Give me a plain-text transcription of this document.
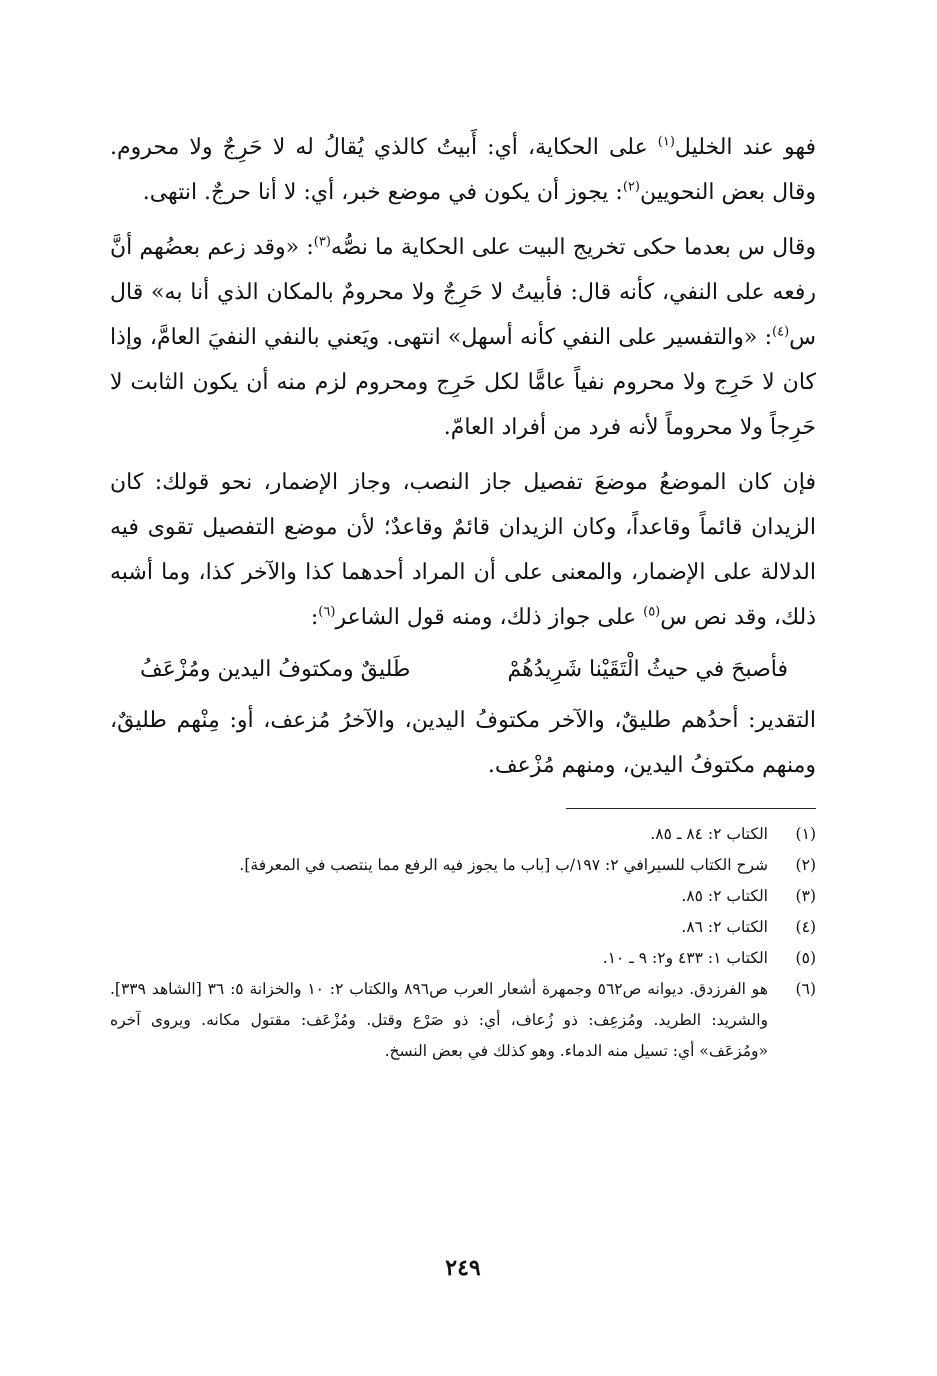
فهو عند الخليل$^{(١)}$ على الحكاية، أي: أَبيتُ كالذي يُقالُ له لا حَرِجٌ ولا محروم. وقال بعض النحويين$^{(٢)}$: يجوز أن يكون في موضع خبر، أي: لا أنا حرجٌ. انتهى.

وقال س بعدما حكى تخريج البيت على الحكاية ما نصُّه$^{(٣)}$: «وقد زعم بعضُهم أنَّ رفعه على النفي، كأنه قال: فأبيتُ لا حَرِجٌ ولا محرومٌ بالمكان الذي أنا به» قال س$^{(٤)}$: «والتفسير على النفي كأنه أسهل» انتهى. ويَعني بالنفي النفيَ العامَّ، وإذا كان لا حَرِج ولا محروم نفياً عامًّا لكل حَرِج ومحروم لزم منه أن يكون الثابت لا حَرِجاً ولا محروماً لأنه فرد من أفراد العامّ.

فإن كان الموضعُ موضعَ تفصيل جاز النصب، وجاز الإضمار، نحو قولك: كان الزيدان قائماً وقاعداً، وكان الزيدان قائمٌ وقاعدٌ؛ لأن موضع التفصيل تقوى فيه الدلالة على الإضمار، والمعنى على أن المراد أحدهما كذا والآخر كذا، وما أشبه ذلك، وقد نص س$^{(٥)}$ على جواز ذلك، ومنه قول الشاعر$^{(٦)}$:

فأصبحَ في حيثُ الْتَقَيْنا شَرِيدُهُمْ
طَليقٌ ومكتوفُ اليدين ومُزْعَفُ

التقدير: أحدُهم طليقٌ، والآخر مكتوفُ اليدين، والآخرُ مُزعف، أو: مِنْهم طليقٌ، ومنهم مكتوفُ اليدين، ومنهم مُزْعف.

(١)
الكتاب ٢: ٨٤ ـ ٨٥.
(٢)
شرح الكتاب للسيرافي ٢: ١٩٧/ب [باب ما يجوز فيه الرفع مما ينتصب في المعرفة].
(٣)
الكتاب ٢: ٨٥.
(٤)
الكتاب ٢: ٨٦.
(٥)
الكتاب ١: ٤٣٣ و٢: ٩ ـ ١٠.
(٦)
هو الفرزدق. ديوانه ص٥٦٢ وجمهرة أشعار العرب ص٨٩٦ والكتاب ٢: ١٠ والخزانة ٥: ٣٦ [الشاهد ٣٣٩]. والشريد: الطريد. ومُزعِف: ذو زُعاف، أي: ذو صَرْع وقتل. ومُزْعَف: مقتول مكانه. ويروى آخره «ومُزعَف» أي: تسيل منه الدماء. وهو كذلك في بعض النسخ.
٢٤٩
